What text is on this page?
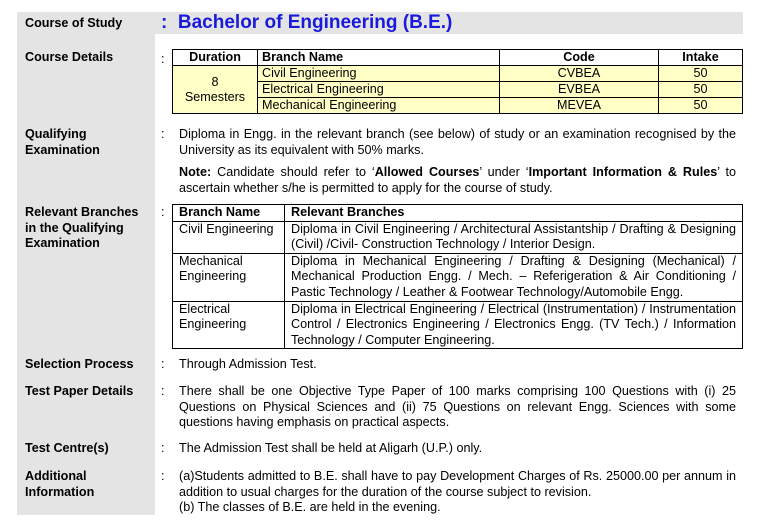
Course of Study : Bachelor of Engineering (B.E.)
Course Details	: Duration	Branch Name	Code	Intake
8
Semesters	Civil Engineering	CVBEA	50
	Electrical Engineering	EVBEA	50
	Mechanical Engineering	MEVEA	50
Qualifying
Examination
: Diploma in Engg. in the relevant branch (see below) of study or an examination recognised by the University as its equivalent with 50% marks.
Note: Candidate should refer to ‘Allowed Courses’ under ‘Important Information & Rules’ to ascertain whether s/he is permitted to apply for the course of study.
Relevant Branches
in the Qualifying
Examination
: Branch Name	Relevant Branches
Civil Engineering	Diploma in Civil Engineering / Architectural Assistantship / Drafting & Designing (Civil) /Civil- Construction Technology / Interior Design.
Mechanical Engineering	Diploma in Mechanical Engineering / Drafting & Designing (Mechanical) / Mechanical Production Engg. / Mech. – Referigeration & Air Conditioning / Pastic Technology / Leather & Footwear Technology/Automobile Engg.
Electrical Engineering	Diploma in Electrical Engineering / Electrical (Instrumentation) / Instrumentation Control / Electronics Engineering / Electronics Engg. (TV Tech.) / Information Technology / Computer Engineering.
Selection Process : Through Admission Test.
Test Paper Details : There shall be one Objective Type Paper of 100 marks comprising 100 Questions with (i) 25 Questions on Physical Sciences and (ii) 75 Questions on relevant Engg. Sciences with some questions having emphasis on practical aspects.
Test Centre(s)	: The Admission Test shall be held at Aligarh (U.P.) only.
Additional
Information
: (a)Students admitted to B.E. shall have to pay Development Charges of Rs. 25000.00 per annum in addition to usual charges for the duration of the course subject to revision.
(b) The classes of B.E. are held in the evening.
